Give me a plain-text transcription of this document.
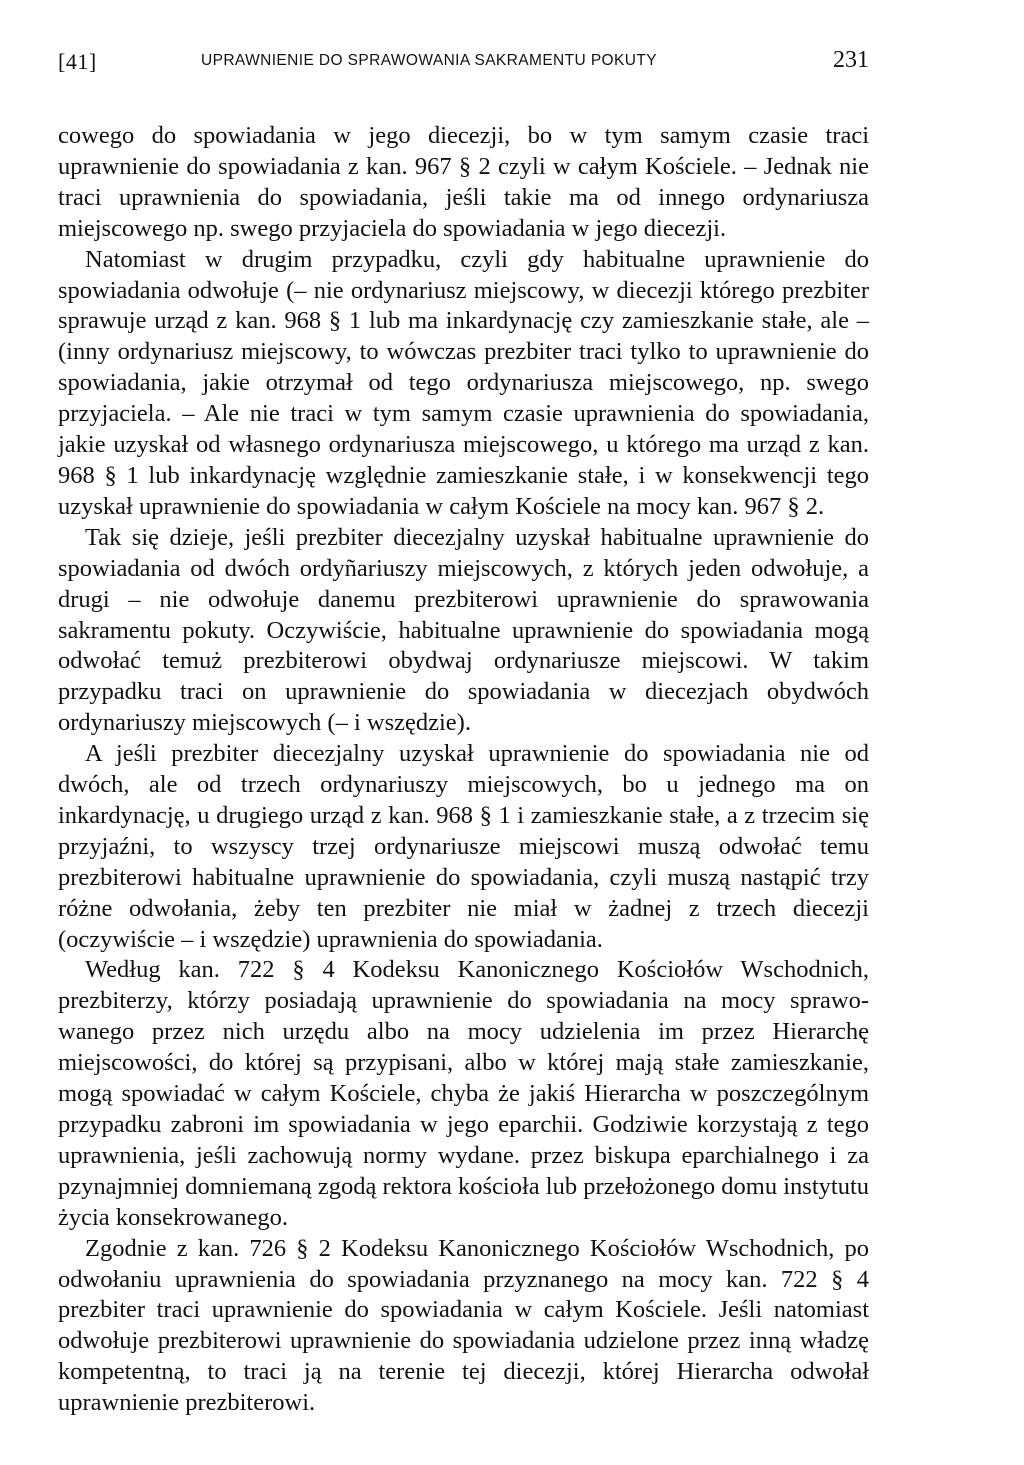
[41]	UPRAWNIENIE DO SPRAWOWANIA SAKRAMENTU POKUTY	231

cowego do spowiadania w jego diecezji, bo w tym samym czasie traci uprawnienie do spowiadania z kan. 967 § 2 czyli w całym Kościele. – Jednak nie traci uprawnienia do spowiadania, jeśli takie ma od innego ordynariusza miejscowego np. swego przyjaciela do spowiadania w jego diecezji.

Natomiast w drugim przypadku, czyli gdy habitualne uprawnienie do spowiadania odwołuje (– nie ordynariusz miejscowy, w diecezji którego prezbiter sprawuje urząd z kan. 968 § 1 lub ma inkardynację czy zamieszkanie stałe, ale – (inny ordynariusz miejscowy, to wówczas prezbiter traci tylko to uprawnienie do spowiadania, jakie otrzymał od tego ordynariusza miejscowego, np. swego przyjaciela. – Ale nie traci w tym samym czasie uprawnienia do spowiadania, jakie uzyskał od własnego ordynariusza miejscowego, u którego ma urząd z kan. 968 § 1 lub inkardynację względnie zamieszkanie stałe, i w konsekwencji tego uzyskał uprawnienie do spowiadania w całym Kościele na mocy kan. 967 § 2.

Tak się dzieje, jeśli prezbiter diecezjalny uzyskał habitualne uprawnienie do spowiadania od dwóch ordyñariuszy miejscowych, z których jeden odwołuje, a drugi – nie odwołuje danemu prezbiterowi uprawnienie do sprawowania sakramentu pokuty. Oczywiście, habitualne uprawnienie do spowiadania mogą odwołać temuż prezbiterowi obydwaj ordynariusze miejscowi. W takim przypadku traci on uprawnienie do spowiadania w diecezjach obydwóch ordynariuszy miejscowych (– i wszędzie).

A jeśli prezbiter diecezjalny uzyskał uprawnienie do spowiadania nie od dwóch, ale od trzech ordynariuszy miejscowych, bo u jednego ma on inkardynację, u drugiego urząd z kan. 968 § 1 i zamieszkanie stałe, a z trzecim się przyjaźni, to wszyscy trzej ordynariusze miejscowi muszą odwołać temu prezbiterowi habitualne uprawnienie do spowiadania, czyli muszą nastąpić trzy różne odwołania, żeby ten prezbiter nie miał w żadnej z trzech diecezji (oczywiście – i wszędzie) uprawnienia do spowiadania.

Według kan. 722 § 4 Kodeksu Kanonicznego Kościołów Wschodnich, prezbiterzy, którzy posiadają uprawnienie do spowiadania na mocy sprawowanego przez nich urzędu albo na mocy udzielenia im przez Hierarchę miejscowości, do której są przypisani, albo w której mają stałe zamieszkanie, mogą spowiadać w całym Kościele, chyba że jakiś Hierarcha w poszczególnym przypadku zabroni im spowiadania w jego eparchii. Godziwie korzystają z tego uprawnienia, jeśli zachowują normy wydane. przez biskupa eparchialnego i za pzynajmniej domniemaną zgodą rektora kościoła lub przełożonego domu instytutu życia konsekrowanego.

Zgodnie z kan. 726 § 2 Kodeksu Kanonicznego Kościołów Wschodnich, po odwołaniu uprawnienia do spowiadania przyznanego na mocy kan. 722 § 4 prezbiter traci uprawnienie do spowiadania w całym Kościele. Jeśli natomiast odwołuje prezbiterowi uprawnienie do spowiadania udzielone przez inną władzę kompetentną, to traci ją na terenie tej diecezji, której Hierarcha odwołał uprawnienie prezbiterowi.
